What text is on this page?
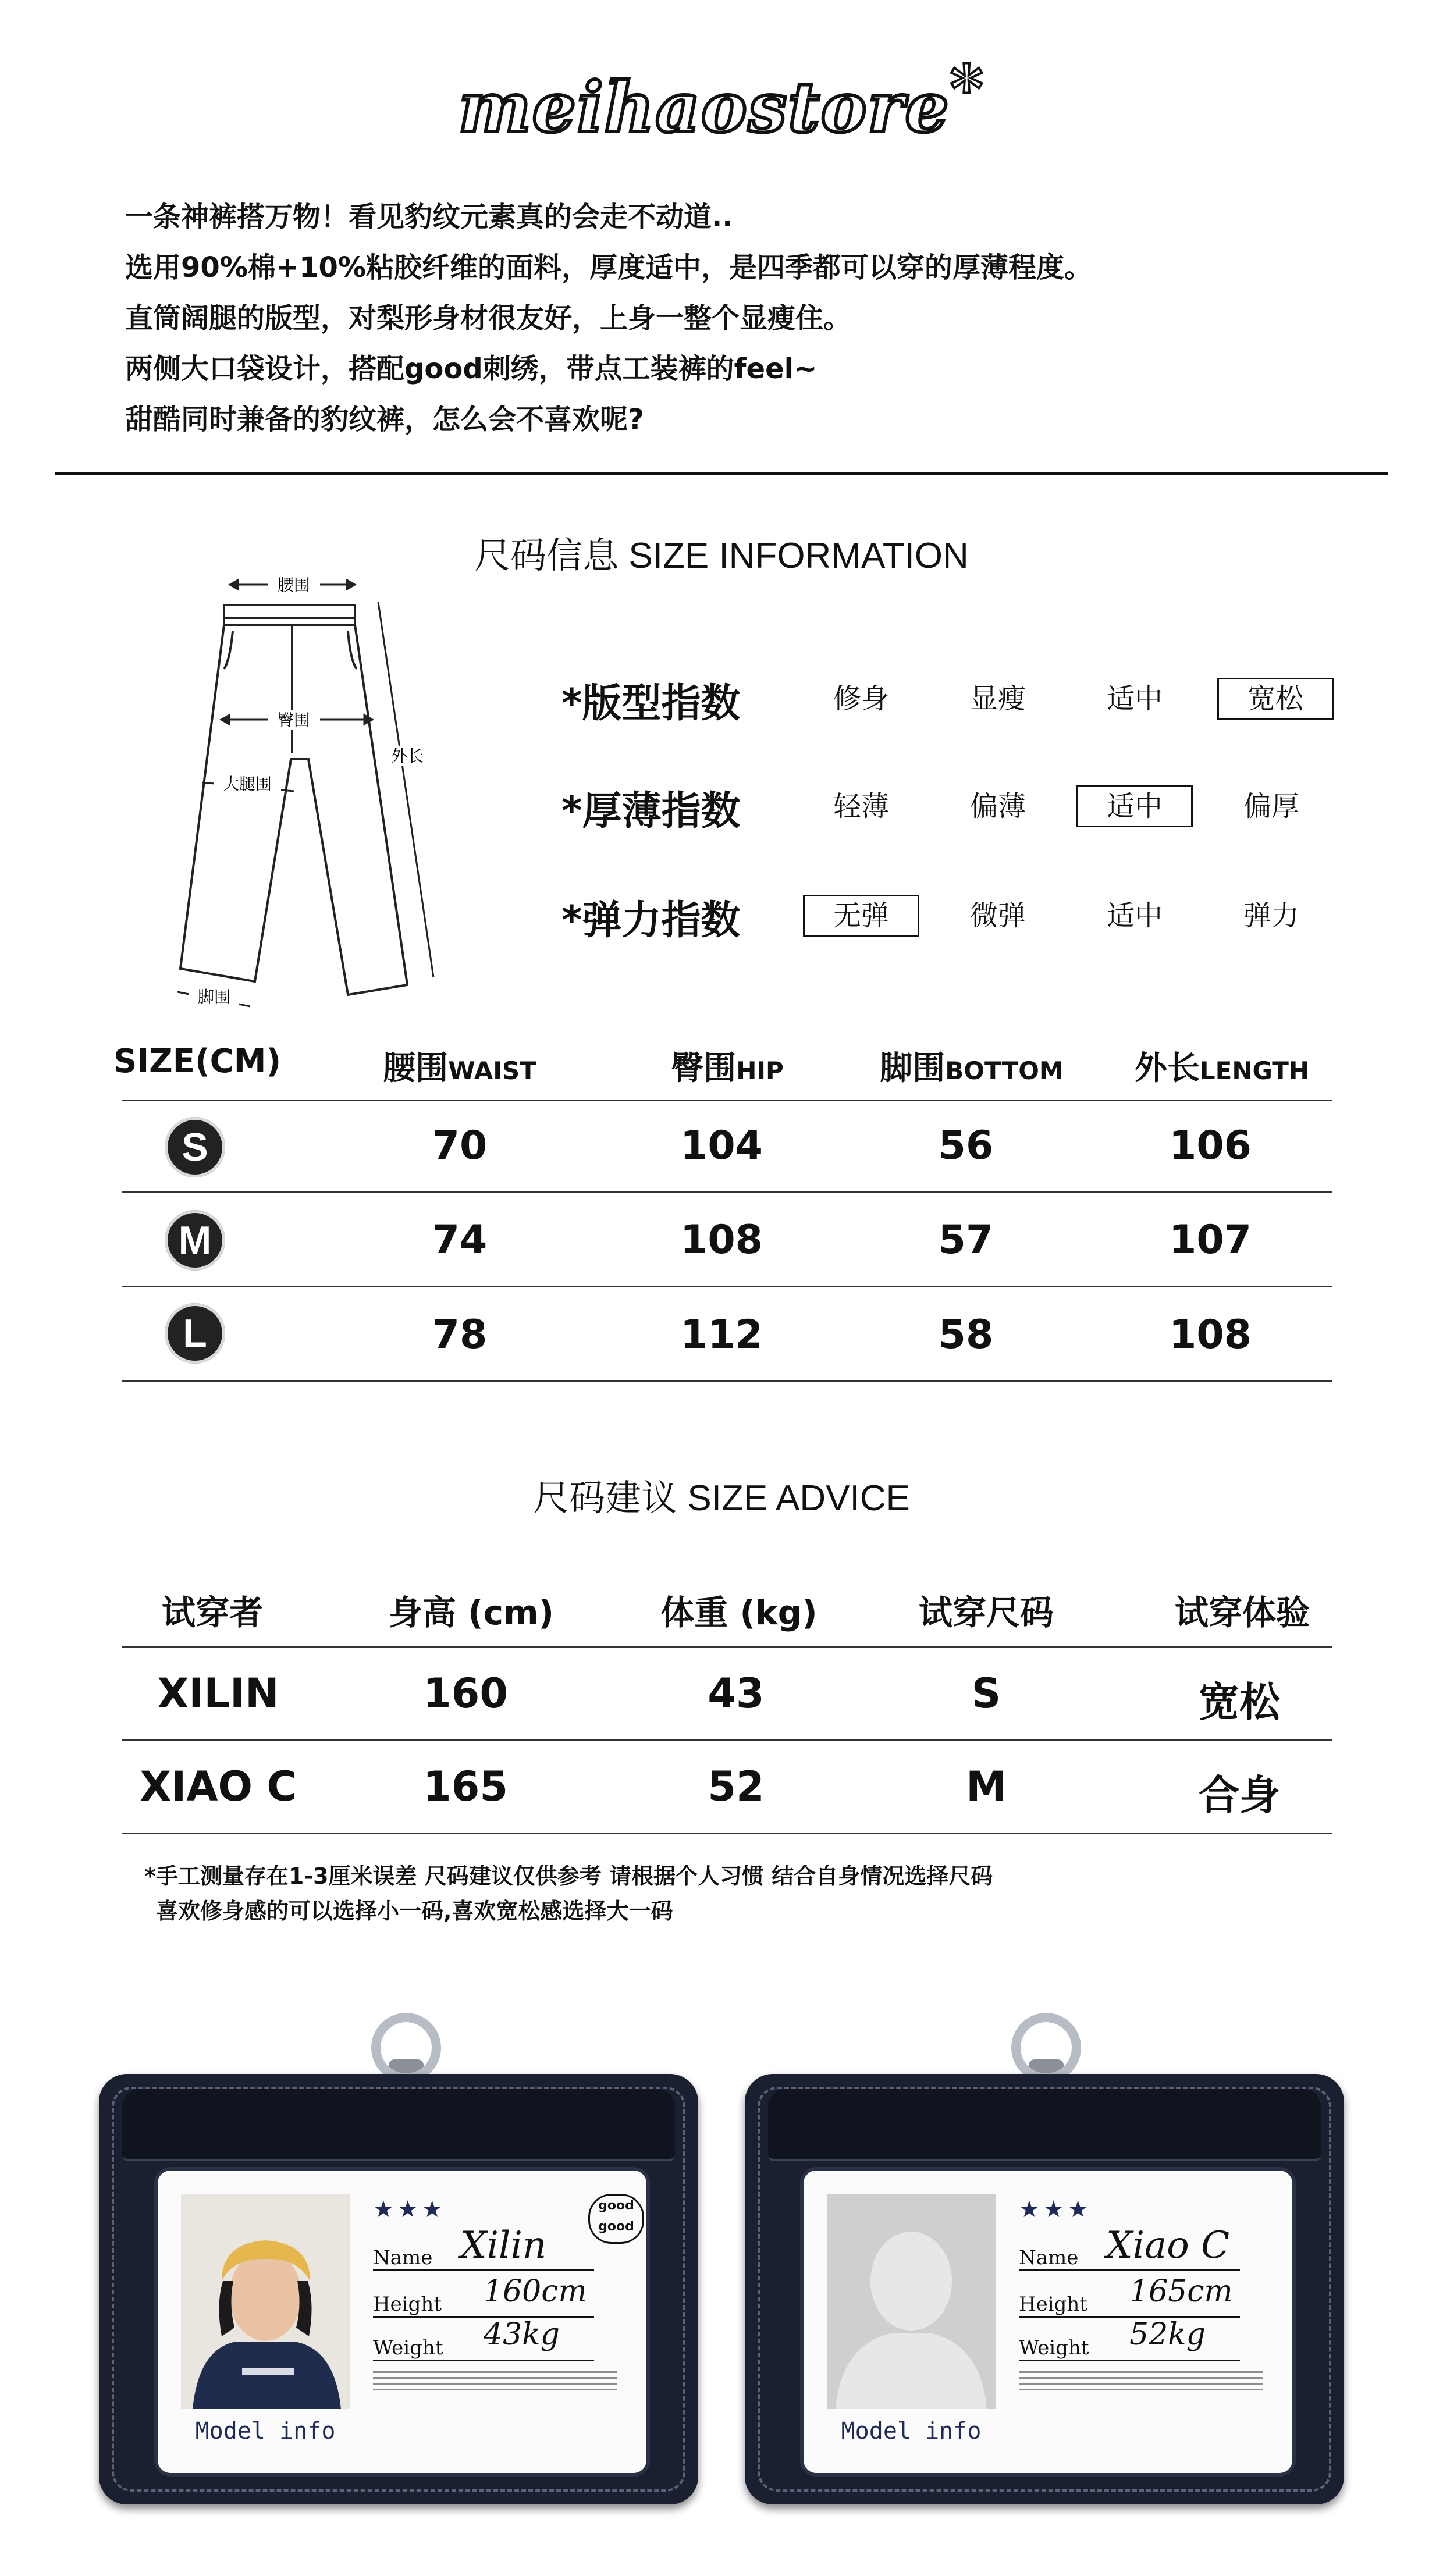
meihaostore*
一条神裤搭万物！看见豹纹元素真的会走不动道..
选用90%棉+10%粘胶纤维的面料，厚度适中，是四季都可以穿的厚薄程度。
直筒阔腿的版型，对梨形身材很友好，上身一整个显瘦住。
两侧大口袋设计，搭配good刺绣，带点工装裤的feel~
甜酷同时兼备的豹纹裤，怎么会不喜欢呢?
尺码信息 SIZE INFORMATION
腰围
臀围
大腿围
外长
脚围
*版型指数	修身	显瘦	适中	宽松
*厚薄指数	轻薄	偏薄	适中	偏厚
*弹力指数	无弹	微弹	适中	弹力
SIZE(CM)	腰围WAIST	臀围HIP	脚围BOTTOM	外长LENGTH
S	70	104	56	106
M	74	108	57	107
L	78	112	58	108
尺码建议 SIZE ADVICE
试穿者	身高 (cm)	体重 (kg)	试穿尺码	试穿体验
XILIN	160	43	S	宽松
XIAO C	165	52	M	合身
*手工测量存在1-3厘米误差 尺码建议仅供参考 请根据个人习惯 结合自身情况选择尺码
喜欢修身感的可以选择小一码,喜欢宽松感选择大一码
Model info
★★★	good good
Name Xilin
Height 160cm
Weight 43kg
Model info
★★★
Name Xiao C
Height 165cm
Weight 52kg
